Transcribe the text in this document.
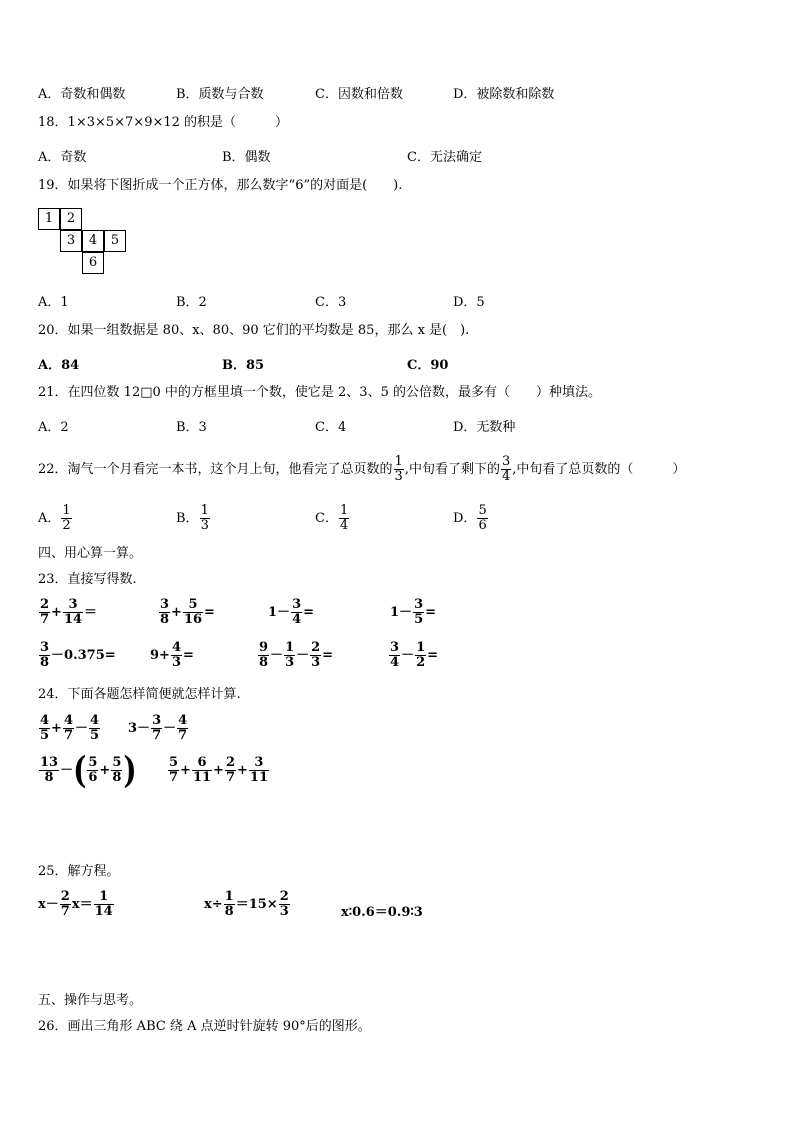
A．奇数和偶数	B．质数与合数	C．因数和倍数	D．被除数和除数
18．1×3×5×7×9×12 的积是（　　　）
A．奇数	B．偶数	C．无法确定
19．如果将下图折成一个正方体，那么数字“6”的对面是(　　).
1	2
3	4	5
6
A．1	B．2	C．3	D．5
20．如果一组数据是 80、x、80、90 它们的平均数是 85，那么 x 是(　).
A．84	B．85	C．90
21．在四位数 12□0 中的方框里填一个数，使它是 2、3、5 的公倍数，最多有（　　）种填法。
A．2	B．3	C．4	D．无数种
22．淘气一个月看完一本书，这个月上旬，他看完了总页数的 $\frac{1}{3}$ ,中旬看了剩下的 $\frac{3}{4}$ ,中旬看了总页数的（　　　）
A． $\frac{1}{2}$	B． $\frac{1}{3}$	C． $\frac{1}{4}$	D． $\frac{5}{6}$
四、用心算一算。
23．直接写得数.
$\frac{2}{7} + \frac{3}{14}$ ＝	$\frac{3}{8} + \frac{5}{16}$ =	$1- \frac{3}{4}$ =	$1- \frac{3}{5}$ =
$\frac{3}{8} -0.375=$	$9+ \frac{4}{3}$ =	$\frac{9}{8} - \frac{1}{3} - \frac{2}{3}$ =	$\frac{3}{4} - \frac{1}{2}$ =
24．下面各题怎样简便就怎样计算.
$\frac{4}{5} + \frac{4}{7} - \frac{4}{5} 3- \frac{3}{7} - \frac{4}{7}$
$\frac{13}{8}$ －( $\frac{5}{6} + \frac{5}{8}$ ) $\frac{5}{7} + \frac{6}{11} + \frac{2}{7} + \frac{3}{11}$
25．解方程。
$x- \frac{2}{7} x= \frac{1}{14}$	$x\div \frac{1}{8} =15\times \frac{2}{3}$	x∶0.6＝0.9∶3
五、操作与思考。
26．画出三角形 ABC 绕 A 点逆时针旋转 90°后的图形。
